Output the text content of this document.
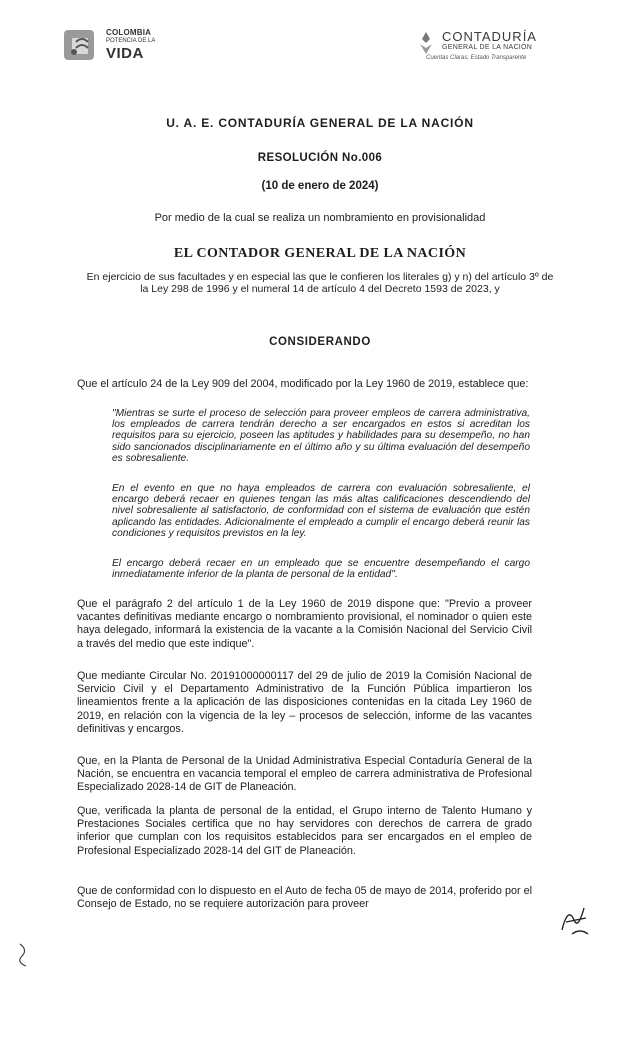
COLOMBIA
POTENCIA DE LA
VIDA
CONTADURÍA
GENERAL DE LA NACIÓN
Cuentas Claras, Estado Transparente
U. A. E. CONTADURÍA GENERAL DE LA NACIÓN
RESOLUCIÓN No.006
(10 de enero de 2024)
Por medio de la cual se realiza un nombramiento en provisionalidad
EL CONTADOR GENERAL DE LA NACIÓN
En ejercicio de sus facultades y en especial las que le confieren los literales g) y n) del artículo 3º de la Ley 298 de 1996 y el numeral 14 de artículo 4 del Decreto 1593 de 2023, y
CONSIDERANDO
Que el artículo 24 de la Ley 909 del 2004, modificado por la Ley 1960 de 2019, establece que:
"Mientras se surte el proceso de selección para proveer empleos de carrera administrativa, los empleados de carrera tendrán derecho a ser encargados en estos si acreditan los requisitos para su ejercicio, poseen las aptitudes y habilidades para su desempeño, no han sido sancionados disciplinariamente en el último año y su última evaluación del desempeño es sobresaliente.
En el evento en que no haya empleados de carrera con evaluación sobresaliente, el encargo deberá recaer en quienes tengan las más altas calificaciones descendiendo del nivel sobresaliente al satisfactorio, de conformidad con el sistema de evaluación que estén aplicando las entidades. Adicionalmente el empleado a cumplir el encargo deberá reunir las condiciones y requisitos previstos en la ley.
El encargo deberá recaer en un empleado que se encuentre desempeñando el cargo inmediatamente inferior de la planta de personal de la entidad".
Que el parágrafo 2 del artículo 1 de la Ley 1960 de 2019 dispone que: "Previo a proveer vacantes definitivas mediante encargo o nombramiento provisional, el nominador o quien este haya delegado, informará la existencia de la vacante a la Comisión Nacional del Servicio Civil a través del medio que este indique".
Que mediante Circular No. 20191000000117 del 29 de julio de 2019 la Comisión Nacional de Servicio Civil y el Departamento Administrativo de la Función Pública impartieron los lineamientos frente a la aplicación de las disposiciones contenidas en la citada Ley 1960 de 2019, en relación con la vigencia de la ley – procesos de selección, informe de las vacantes definitivas y encargos.
Que, en la Planta de Personal de la Unidad Administrativa Especial Contaduría General de la Nación, se encuentra en vacancia temporal el empleo de carrera administrativa de Profesional Especializado 2028-14 de GIT de Planeación.
Que, verificada la planta de personal de la entidad, el Grupo interno de Talento Humano y Prestaciones Sociales certifica que no hay servidores con derechos de carrera de grado inferior que cumplan con los requisitos establecidos para ser encargados en el empleo de Profesional Especializado 2028-14 del GIT de Planeación.
Que de conformidad con lo dispuesto en el Auto de fecha 05 de mayo de 2014, proferido por el Consejo de Estado, no se requiere autorización para proveer
